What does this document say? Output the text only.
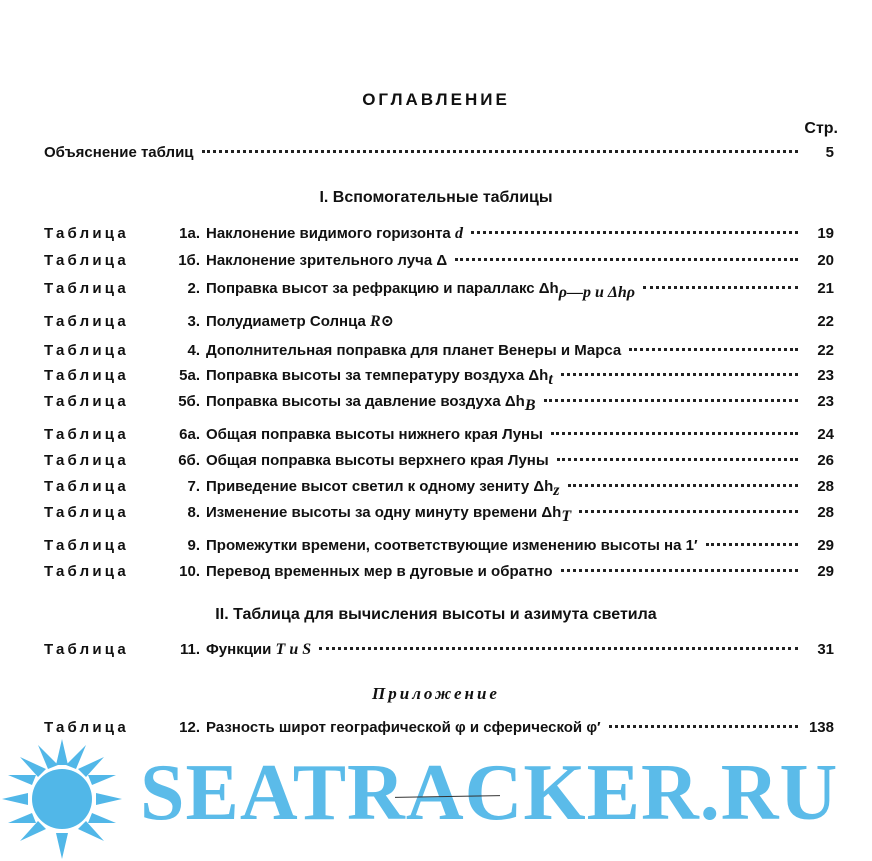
ОГЛАВЛЕНИЕ
Стр.
Объяснение таблиц	5
I. Вспомогательные таблицы
Таблица	1а. Наклонение видимого горизонта d	19
Таблица	1б. Наклонение зрительного луча Δ	20
Таблица	2. Поправка высот за рефракцию и параллакс $\Delta h_{\rho—p и \Delta h\rho}$	21
Таблица	3. Полудиаметр Солнца R⊙	22
Таблица	4. Дополнительная поправка для планет Венеры и Марса	22
Таблица	5а. Поправка высоты за температуру воздуха $\Delta h_t$	23
Таблица	5б. Поправка высоты за давление воздуха $\Delta h_B$	23
Таблица	6а. Общая поправка высоты нижнего края Луны	24
Таблица	6б. Общая поправка высоты верхнего края Луны	26
Таблица	7. Приведение высот светил к одному зениту $\Delta h_z$	28
Таблица	8. Изменение высоты за одну минуту времени $\Delta h_T$	28
Таблица	9. Промежутки времени, соответствующие изменению высоты на 1′	29
Таблица	10. Перевод временных мер в дуговые и обратно	29
II. Таблица для вычисления высоты и азимута светила
Таблица	11. Функции T и S	31
Приложение
Таблица	12. Разность широт географической φ и сферической φ′	138
SEATRACKER.RU
